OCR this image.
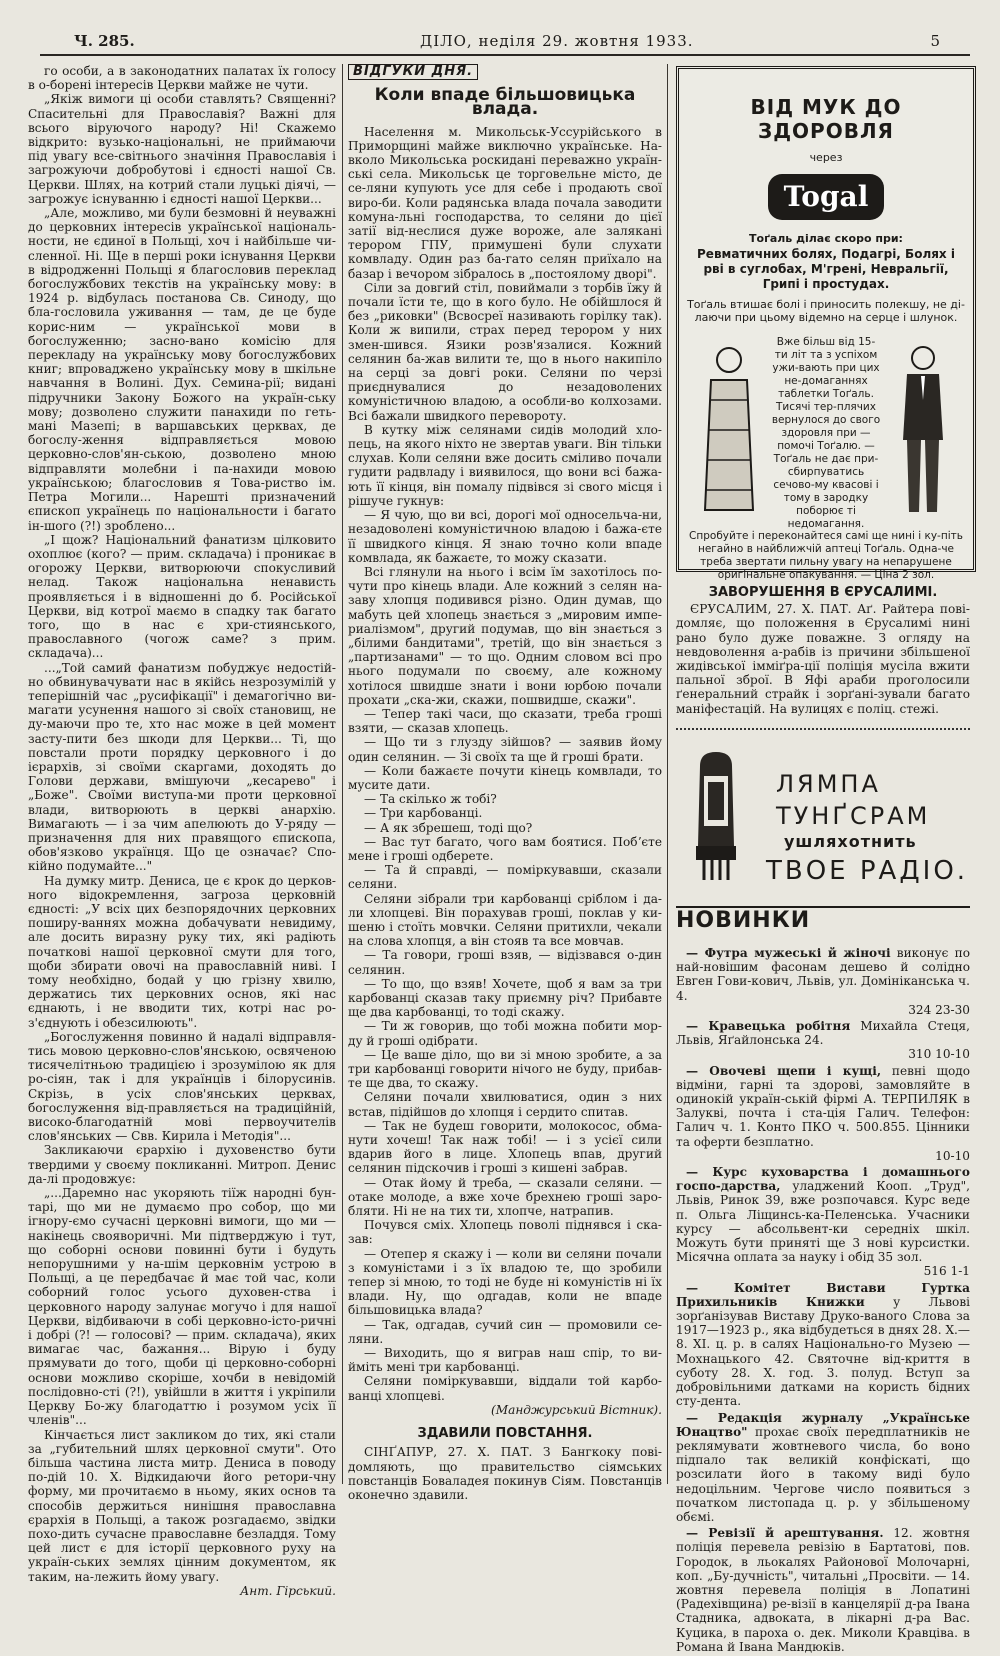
Ч. 285.	ДІЛО, неділя 29. жовтня 1933.	5

го особи, а в законодатних палатах їх голосу в о-борені інтересів Церкви майже не чути.

„Якіж вимоги ці особи ставлять? Священні? Спасительні для Православія? Важні для всього віруючого народу? Ні! Скажемо відкрито: вузько-національні, не приймаючи під увагу все-світнього значіння Православія і загрожуючи добробутові і єдності нашої Св. Церкви. Шлях, на котрий стали луцькі діячі, — загрожує існуванню і єдності нашої Церкви...

„Але, можливо, ми були безмовні й неуважні до церковних інтересів української національ-ности, не єдиної в Польщі, хоч і найбільше чи-сленної. Ні. Ще в перші роки існування Церкви в відродженні Польщі я благословив переклад богослужбових текстів на українську мову: в 1924 р. відбулась постанова Св. Синоду, що бла-гословила уживання — там, де це буде корис-ним — української мови в богослуженню; засно-вано комісію для перекладу на українську мову богослужбових книг; впроваджено українську мову в шкільне навчання в Волині. Дух. Семина-рії; видані підручники Закону Божого на україн-ську мову; дозволено служити панахиди по геть-мані Мазепі; в варшавських церквах, де богослу-ження відправляється мовою церковно-слов'ян-ською, дозволено мною відправляти молебни і па-нахиди мовою українською; благословив я Това-риство ім. Петра Могили... Нарешті призначений єпископ українець по національности і багато ін-шого (?!) зроблено...

„І щож? Національний фанатизм цілковито охоплює (кого? — прим. складача) і проникає в огорожу Церкви, витворюючи спокусливий нелад. Також національна ненависть проявляється і в відношенні до б. Російської Церкви, від котрої маємо в спадку так багато того, що в нас є хри-стиянського, православного (чогож саме? з прим. складача)...

...„Той самий фанатизм побуджує недостій-но обвинувачувати нас в якійсь незрозумілій у теперішній час „русифікації" і демагогічно ви-магати усунення нашого зі своїх становищ, не ду-маючи про те, хто нас може в цей момент засту-пити без шкоди для Церкви... Ті, що повстали проти порядку церковного і до ієрархів, зі своїми скаргами, доходять до Голови держави, вмішуючи „кесарево" і „Боже". Своїми виступа-ми проти церковної влади, витворюють в церкві анархію. Вимагають — і за чим апелюють до У-ряду — призначення для них правящого єпископа, обов'язково українця. Що це означає? Спо-кійно подумайте..."

На думку митр. Дениса, це є крок до церков-ного відокремлення, загроза церковній єдності: „У всіх цих безпорядочних церковних поширу-ваннях можна добачувати невидиму, але досить виразну руку тих, які радіють початкові нашої церковної смути для того, щоби збирати овочі на православній ниві. І тому необхідно, бодай у цю грізну хвилю, держатись тих церковних основ, які нас єднають, і не вводити тих, котрі нас ро-з'єднують і обезсилюють".

„Богослуження повинно й надалі відправля-тись мовою церковно-слов'янською, освяченою тисячелітньою традицією і зрозумілою як для ро-сіян, так і для українців і білорусинів. Скрізь, в усіх слов'янських церквах, богослуження від-правляється на традиційній, високо-благодатній мові первоучителів слов'янських — Свв. Кирила і Методія"...

Закликаючи єрархію і духовенство бути твердими у своєму покликанні. Митроп. Денис да-лі продовжує:

„...Даремно нас укоряють тіїж народні бун-тарі, що ми не думаємо про собор, що ми ігнору-ємо сучасні церковні вимоги, що ми — накінець свояворичні. Ми підтверджую і тут, що соборні основи повинні бути і будуть непорушними у на-шім церковнім устрою в Польщі, а це передбачає й має той час, коли соборний голос усього духовен-ства і церковного народу залунає могучо і для нашої Церкви, відбиваючи в собі церковно-істо-ричні і добрі (?! — голосові? — прим. складача), яких вимагає час, бажання... Вірую і буду прямувати до того, щоби ці церковно-соборні основи можливо скоріше, хочби в невідомій послідовно-сті (?!), увійшли в життя і укріпили Церкву Бо-жу благодаттю і розумом усіх її членів"...

Кінчається лист закликом до тих, які стали за „губительний шлях церковної смути". Ото більша частина листа митр. Дениса в поводу по-дій 10. X. Відкидаючи його ретори-чну форму, ми прочитаємо в ньому, яких основ та способів держиться нинішня православна єрархія в Польщі, а також розгадаємо, звідки похо-дить сучасне православне безладдя. Тому цей лист є для історії церковного руху на україн-ських землях цінним документом, як таким, на-лежить йому увагу.

Ант. Гірський.
ВІДГУКИ ДНЯ.
Коли впаде більшовицька влада.

Населення м. Микольськ-Уссурійського в Приморщині майже виключно українське. На-вколо Микольська роскидані переважно україн-ські села. Микольськ це торговельне місто, де се-ляни купують усе для себе і продають свої виро-би. Коли радянська влада почала заводити комуна-льні господарства, то селяни до цієї затії від-неслися дуже вороже, але залякані терором ГПУ, примушені були слухати комвладу. Один раз ба-гато селян приїхало на базар і вечором зібралось в „постоялому дворі".

Сіли за довгий стіл, повиймали з торбів їжу й почали їсти те, що в кого було. Не обійшлося й без „риковки" (Всвосреї називають горілку так). Коли ж випили, страх перед терором у них змен-шився. Язики розв'язалися. Кожний селянин ба-жав вилити те, що в нього накипіло на серці за довгі роки. Селяни по черзі приєднувалися до незадоволених комуністичною владою, а особли-во колхозами. Всі бажали швидкого перевороту.

В кутку між селянами сидів молодий хло-пець, на якого ніхто не звертав уваги. Він тільки слухав. Коли селяни вже досить сміливо почали гудити радвладу і виявилося, що вони всі бажа-ють її кінця, він помалу підвівся зі свого місця і рішуче гукнув:

— Я чую, що ви всі, дорогі мої односельча-ни, незадоволені комуністичною владою і бажа-єте її швидкого кінця. Я знаю точно коли впаде комвлада, як бажаєте, то можу сказати.

Всі глянули на нього і всім їм захотілось по-чути про кінець влади. Але кожний з селян на-заву хлопця подивився різно. Один думав, що мабуть цей хлопець знається з „мировим импе-риалізмом", другий подумав, що він знається з „білими бандитами", третій, що він знається з „партизанами" — то що. Одним словом всі про нього подумали по своєму, але кожному хотілося швидше знати і вони юрбою почали прохати „ска-жи, скажи, пошвидше, скажи".

— Тепер такі часи, що сказати, треба гроші взяти, — сказав хлопець.

— Що ти з глузду зійшов? — заявив йому один селянин. — Зі своїх та ще й гроші брати.

— Коли бажаєте почути кінець комвлади, то мусите дати.

— Та скілько ж тобі?

— Три карбованці.

— А як збрешеш, тоді що?

— Вас тут багато, чого вам боятися. Побʼєте мене і гроші одберете.

— Та й справді, — поміркувавши, сказали селяни.

Селяни зібрали три карбованці сріблом і да-ли хлопцеві. Він порахував гроші, поклав у ки-шеню і стоїть мовчки. Селяни притихли, чекали на слова хлопця, а він стояв та все мовчав.

— Та говори, гроші взяв, — відізвався о-дин селянин.

— То що, що взяв! Хочете, щоб я вам за три карбованці сказав таку приємну річ? Прибавте ще два карбованці, то тоді скажу.

— Ти ж говорив, що тобі можна побити мор-ду й гроші одібрати.

— Це ваше діло, що ви зі мною зробите, а за три карбованці говорити нічого не буду, прибав-те ще два, то скажу.

Селяни почали хвилюватися, один з них встав, підійшов до хлопця і сердито спитав.

— Так не будеш говорити, молокосос, обма-нути хочеш! Так наж тобі! — і з усієї сили вдарив його в лице. Хлопець впав, другий селянин підскочив і гроші з кишені забрав.

— Отак йому й треба, — сказали селяни. — отаке молоде, а вже хоче брехнею гроші заро-бляти. Ні не на тих ти, хлопче, натрапив.

Почувся сміх. Хлопець поволі піднявся і ска-зав:

— Отепер я скажу і — коли ви селяни почали з комуністами і з їх владою те, що зробили тепер зі мною, то тоді не буде ні комуністів ні їх влади. Ну, що одгадав, коли не впаде більшовицька влада?

— Так, одгадав, сучий син — промовили се-ляни.

— Виходить, що я виграв наш спір, то ви-йміть мені три карбованці.

Селяни поміркувавши, віддали той карбо-ванці хлопцеві.

(Манджурський Вістник).
ЗДАВИЛИ ПОВСТАННЯ.

СІНҐАПУР, 27. X. ПАТ. З Бангкоку пові-домляють, що правительство сіямських повстанців Боваладея покинув Сіям. Повстанців оконечно здавили.

ВІД МУК ДО ЗДОРОВЛЯ
через
Togal
Тоґаль ділає скоро при:
Ревматичних болях, Подагрі, Болях і рві в суглобах, М'грені, Невральгії, Грипі і простудах.
Тоґаль втишає болі і приносить полекшу, не ді-лаючи при цьому відемно на серце і шлунок.
Вже більш від 15-ти літ та з успіхом ужи-вають при цих не-домаганнях таблетки Тоґаль. Тисячі тер-плячих вернулося до свого здоровля при — помочі Тоґалю. — Тоґаль не дає при-сбирпуватись сечово-му квасові і тому в зародку поборює ті недомагання.
Спробуйте і переконайтеся самі ще нині і ку-піть негайно в найближчій аптеці Тоґаль. Одна-че треба звертати пильну увагу на непарушене оригінальне опакування. — Ціна 2 зол.
ЗАВОРУШЕННЯ В ЄРУСАЛИМІ.

ЄРУСАЛИМ, 27. X. ПАТ. Аґ. Райтера пові-домляє, що положення в Єрусалимі нині рано було дуже поважне. З огляду на невдоволення а-рабів із причини збільшеної жидівської імміґра-ції поліція мусіла вжити пальної зброї. В Яфі араби проголосили ґенеральний страйк і зорґані-зували багато маніфестацій. На вулицях є поліц. стежі.

ЛЯМПА
ТУНҐСРАМ
ушляхотнить
ТВОЕ РАДІО.
НОВИНКИ

— Футра мужеські й жіночі виконує по най-новішим фасонам дешево й солідно Евген Гови-кович, Львів, ул. Домініканська ч. 4.
324 23-30

— Кравецька робітня Михайла Стеця, Львів, Яґайлонська 24.
310 10-10

— Овочеві щепи і кущі, певні щодо відміни, гарні та здорові, замовляйте в одинокій україн-ській фірмі А. ТЕРПИЛЯК в Залуквi, почта і ста-ція Галич. Телефон: Галич ч. 1. Конто ПКО ч. 500.855. Цінники та оферти безплатно.
10-10

— Курс куховарства і домашнього госпо-дарства, уладжений Кооп. „Труд", Львів, Ринок 39, вже розпочався. Курс веде п. Ольга Ліщинсь-ка-Пеленська. Учасники курсу — абсольвент-ки середніх шкіл. Можуть бути приняті ще 3 нові курсистки. Місячна оплата за науку і обід 35 зол.
516 1-1

— Комітет Вистави Гуртка Прихильників Книжки у Львові зорґанізував Виставу Друко-ваного Слова за 1917—1923 р., яка відбудеться в днях 28. X.—8. XI. ц. р. в салях Національно-го Музею — Мохнацького 42. Святочне від-криття в суботу 28. X. год. 3. полуд. Вступ за добровільними датками на користь бідних сту-дента.

— Редакція журналу „Українське Юнацтво" прохає своїх передплатників не реклямувати жовтневого числа, бо воно підпало так великій конфіскаті, що розсилати його в такому виді було недоцільним. Чергове число появиться з початком листопада ц. р. у збільшеному обємі.

— Ревізії й арештування. 12. жовтня поліція перевела ревізію в Бартатові, пов. Городок, в льокалях Районової Молочарні, коп. „Бу-дучність", читальні „Просвіти. — 14. жовтня перевела поліція в Лопатині (Радехівщина) ре-візії в канцелярії д-ра Івана Стадника, адвоката, в лікарні д-ра Вас. Куцика, в пароха о. дек. Миколи Кравціва. в Романа й Івана Мандюків.
